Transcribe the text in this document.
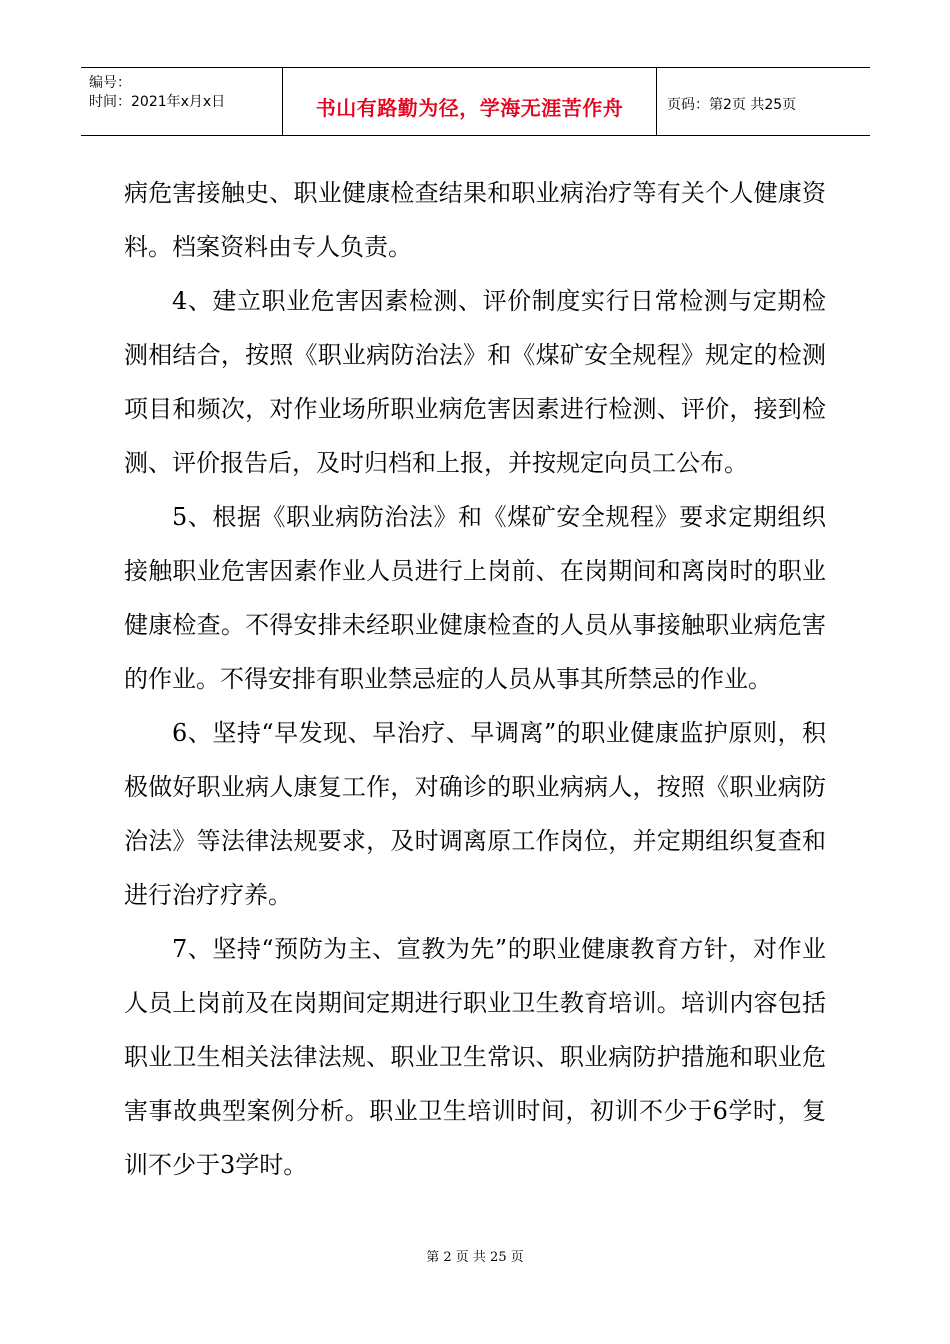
编号：
时间：2021年x月x日	书山有路勤为径，学海无涯苦作舟	页码：第2页 共25页

病危害接触史、职业健康检查结果和职业病治疗等有关个人健康资料。档案资料由专人负责。

4、建立职业危害因素检测、评价制度实行日常检测与定期检测相结合，按照《职业病防治法》和《煤矿安全规程》规定的检测项目和频次，对作业场所职业病危害因素进行检测、评价，接到检测、评价报告后，及时归档和上报，并按规定向员工公布。

5、根据《职业病防治法》和《煤矿安全规程》要求定期组织接触职业危害因素作业人员进行上岗前、在岗期间和离岗时的职业健康检查。不得安排未经职业健康检查的人员从事接触职业病危害的作业。不得安排有职业禁忌症的人员从事其所禁忌的作业。

6、坚持“早发现、早治疗、早调离”的职业健康监护原则，积极做好职业病人康复工作，对确诊的职业病病人，按照《职业病防治法》等法律法规要求，及时调离原工作岗位，并定期组织复查和进行治疗疗养。

7、坚持“预防为主、宣教为先”的职业健康教育方针，对作业人员上岗前及在岗期间定期进行职业卫生教育培训。培训内容包括职业卫生相关法律法规、职业卫生常识、职业病防护措施和职业危害事故典型案例分析。职业卫生培训时间，初训不少于6学时，复训不少于3学时。

第 2 页 共 25 页
